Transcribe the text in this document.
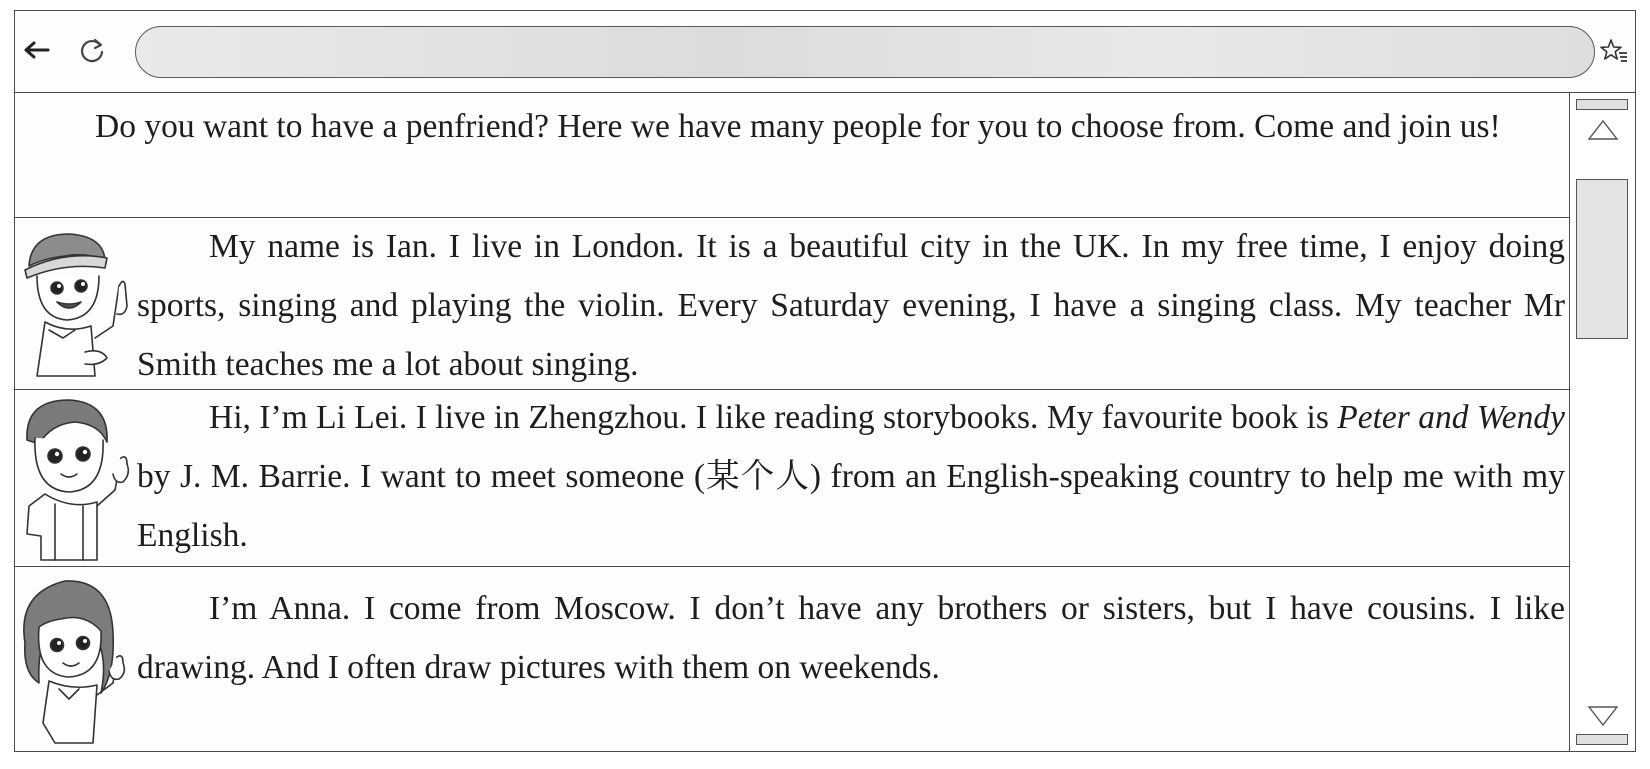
Do you want to have a penfriend? Here we have many people for you to choose from. Come and join us!

My name is Ian. I live in London. It is a beautiful city in the UK. In my free time, I enjoy doing sports, singing and playing the violin. Every Saturday evening, I have a singing class. My teacher Mr Smith teaches me a lot about singing.

Hi, I’m Li Lei. I live in Zhengzhou. I like reading storybooks. My favourite book is Peter and Wendy by J. M. Barrie. I want to meet someone (某个人) from an English-speaking country to help me with my English.

I’m Anna. I come from Moscow. I don’t have any brothers or sisters, but I have cousins. I like drawing. And I often draw pictures with them on weekends.
